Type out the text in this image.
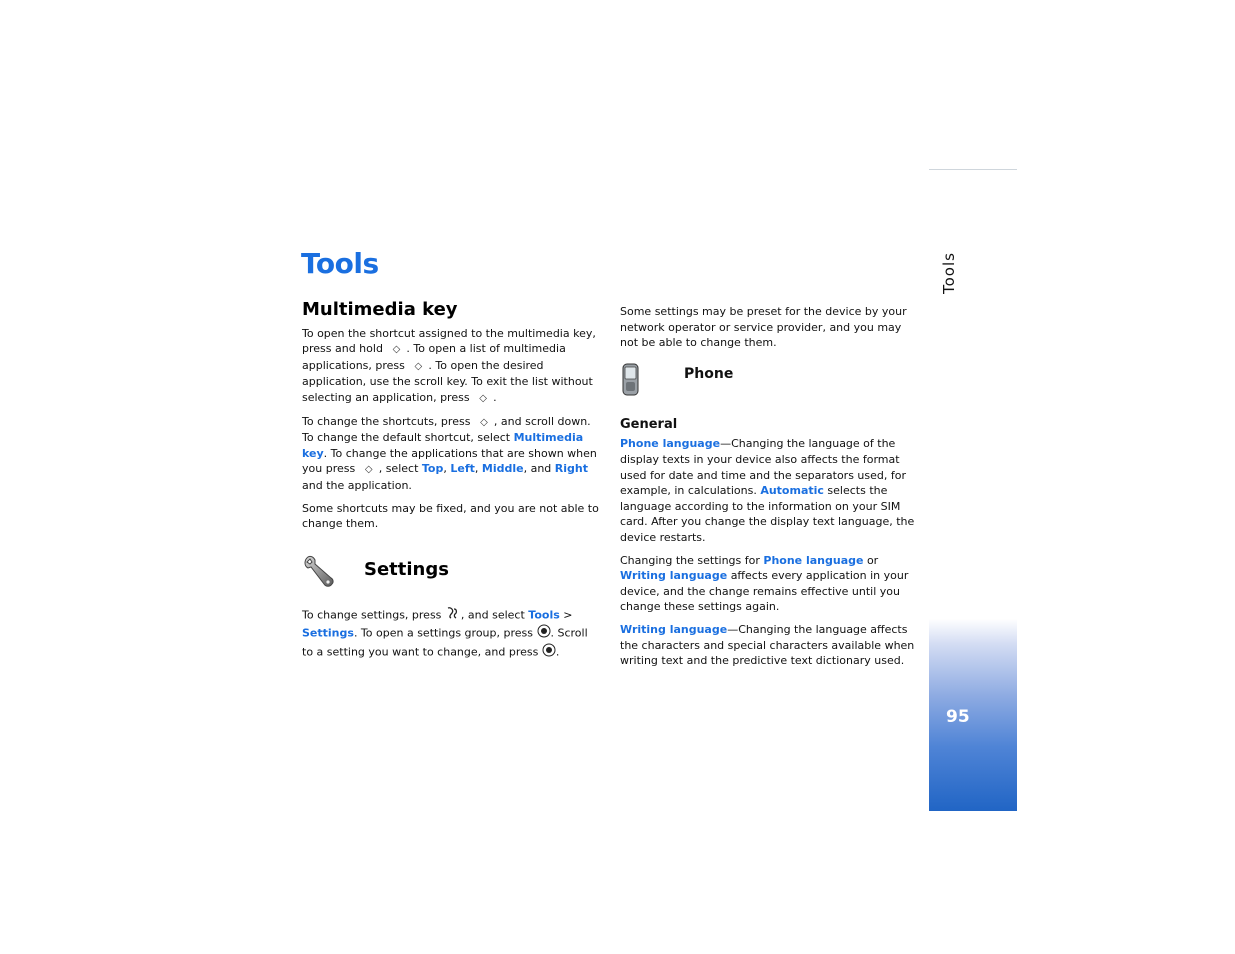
Tools
Multimedia key

To open the shortcut assigned to the multimedia key, press and hold ◇ . To open a list of multimedia applications, press ◇ . To open the desired application, use the scroll key. To exit the list without selecting an application, press ◇ .

To change the shortcuts, press ◇ , and scroll down. To change the default shortcut, select Multimedia key. To change the applications that are shown when you press ◇ , select Top, Left, Middle, and Right and the application.

Some shortcuts may be fixed, and you are not able to change them.

Settings

To change settings, press , and select Tools > Settings. To open a settings group, press . Scroll to a setting you want to change, and press .

Some settings may be preset for the device by your network operator or service provider, and you may not be able to change them.

Phone
General

Phone language—Changing the language of the display texts in your device also affects the format used for date and time and the separators used, for example, in calculations. Automatic selects the language according to the information on your SIM card. After you change the display text language, the device restarts.

Changing the settings for Phone language or Writing language affects every application in your device, and the change remains effective until you change these settings again.

Writing language—Changing the language affects the characters and special characters available when writing text and the predictive text dictionary used.

Tools
95
